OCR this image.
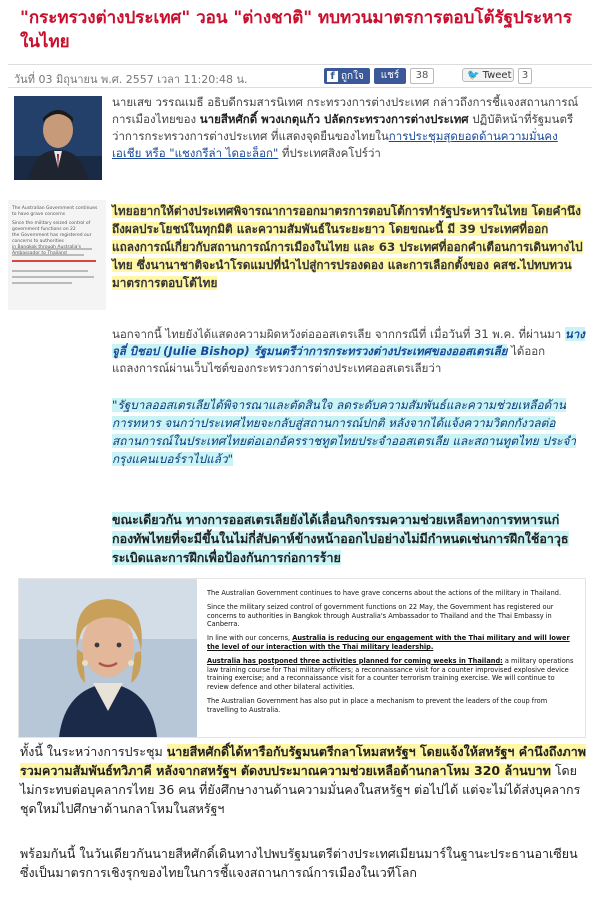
"กระทรวงต่างประเทศ" วอน "ต่างชาติ" ทบทวนมาตรการตอบโต้รัฐประหารในไทย
วันที่ 03 มิถุนายน พ.ศ. 2557 เวลา 11:20:48 น.	f ถูกใจ	แชร์	38	🐦 Tweet	3
The Australian Government continues to have grave concerns
Since the military seized control of government functions on 22
the Government has registered our concerns to authorities

นายเสข วรรณเมธี อธิบดีกรมสารนิเทศ กระทรวงการต่างประเทศ กล่าวถึงการชี้แจงสถานการณ์การเมืองไทยของ นายสีหศักดิ์ พวงเกตุแก้ว ปลัดกระทรวงการต่างประเทศ ปฏิบัติหน้าที่รัฐมนตรีว่าการกระทรวงการต่างประเทศ ที่แสดงจุดยืนของไทยในการประชุมสุดยอดด้านความมั่นคงเอเชีย หรือ "แชงกรีล่า ไดอะล็อก" ที่ประเทศสิงคโปร์ว่า

ไทยอยากให้ต่างประเทศพิจารณาการออกมาตรการตอบโต้การทำรัฐประหารในไทย โดยคำนึงถึงผลประโยชน์ในทุกมิติ และความสัมพันธ์ในระยะยาว โดยขณะนี้ มี 39 ประเทศที่ออกแถลงการณ์เกี่ยวกับสถานการณ์การเมืองในไทย และ 63 ประเทศที่ออกคำเตือนการเดินทางไปไทย ซึ่งนานาชาติจะนำโรดแมปที่นำไปสู่การปรองดอง และการเลือกตั้งของ คสช.ไปทบทวนมาตรการตอบโต้ไทย

นอกจากนี้ ไทยยังได้แสดงความผิดหวังต่อออสเตรเลีย จากกรณีที่ เมื่อวันที่ 31 พ.ค. ที่ผ่านมา นางจูลี่ บิชอป (Julie Bishop) รัฐมนตรีว่าการกระทรวงต่างประเทศของออสเตรเลีย ได้ออกแถลงการณ์ผ่านเว็บไซต์ของกระทรวงการต่างประเทศออสเตรเลียว่า

"รัฐบาลออสเตรเลียได้พิจารณาและตัดสินใจ ลดระดับความสัมพันธ์และความช่วยเหลือด้านการทหาร จนกว่าประเทศไทยจะกลับสู่สถานการณ์ปกติ หลังจากได้แจ้งความวิตกกังวลต่อสถานการณ์ในประเทศไทยต่อเอกอัครราชทูตไทยประจำออสเตรเลีย และสถานทูตไทย ประจำกรุงแคนเบอร์ราไปแล้ว"

ขณะเดียวกัน ทางการออสเตรเลียยังได้เลื่อนกิจกรรมความช่วยเหลือทางการทหารแก่กองทัพไทยที่จะมีขึ้นในไม่กี่สัปดาห์ข้างหน้าออกไปอย่างไม่มีกำหนดเช่นการฝึกใช้อาวุธระเบิดและการฝึกเพื่อป้องกันการก่อการร้าย

The Australian Government continues to have grave concerns about the actions of the military in Thailand.

Since the military seized control of government functions on 22 May, the Government has registered our concerns to authorities in Bangkok through Australia's Ambassador to Thailand and the Thai Embassy in Canberra.

In line with our concerns, Australia is reducing our engagement with the Thai military and will lower the level of our interaction with the Thai military leadership.

Australia has postponed three activities planned for coming weeks in Thailand: a military operations law training course for Thai military officers; a reconnaissance visit for a counter improvised explosive device training exercise; and a reconnaissance visit for a counter terrorism training exercise. We will continue to review defence and other bilateral activities.

The Australian Government has also put in place a mechanism to prevent the leaders of the coup from travelling to Australia.

ทั้งนี้ ในระหว่างการประชุม นายสีหศักดิ์ได้หารือกับรัฐมนตรีกลาโหมสหรัฐฯ โดยแจ้งให้สหรัฐฯ คำนึงถึงภาพรวมความสัมพันธ์ทวิภาคี หลังจากสหรัฐฯ ตัดงบประมาณความช่วยเหลือด้านกลาโหม 320 ล้านบาท โดยไม่กระทบต่อบุคลากรไทย 36 คน ที่ยังศึกษางานด้านความมั่นคงในสหรัฐฯ ต่อไปได้ แต่จะไม่ได้ส่งบุคลากรชุดใหม่ไปศึกษาด้านกลาโหมในสหรัฐฯ

พร้อมกันนี้ ในวันเดียวกันนายสีหศักดิ์เดินทางไปพบรัฐมนตรีต่างประเทศเมียนมาร์ในฐานะประธานอาเซียน ซึ่งเป็นมาตรการเชิงรุกของไทยในการชี้แจงสถานการณ์การเมืองในเวทีโลก
